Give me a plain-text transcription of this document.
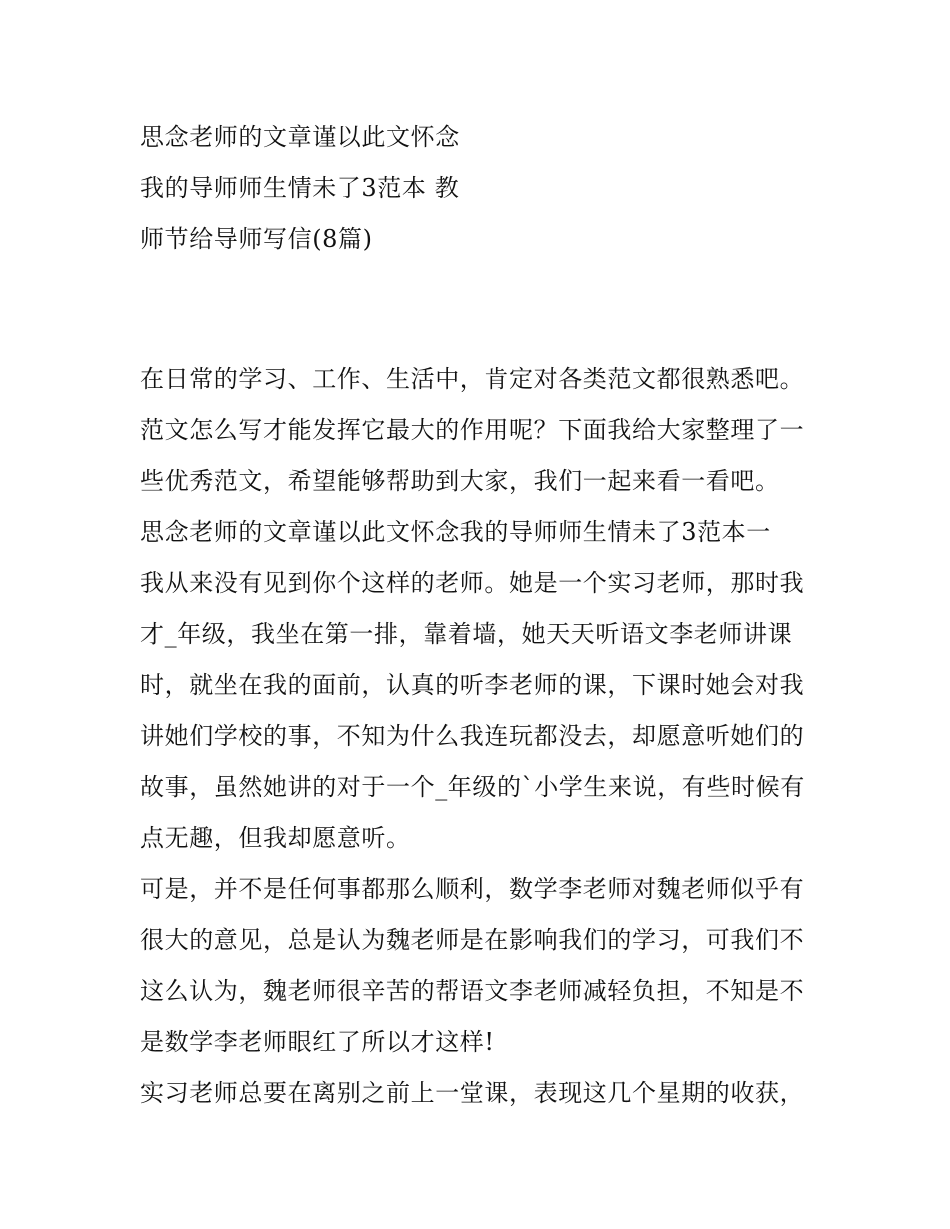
思念老师的文章谨以此文怀念
我的导师师生情未了3范本 教
师节给导师写信(8篇)

在日常的学习、工作、生活中，肯定对各类范文都很熟悉吧。
范文怎么写才能发挥它最大的作用呢？下面我给大家整理了一
些优秀范文，希望能够帮助到大家，我们一起来看一看吧。

思念老师的文章谨以此文怀念我的导师师生情未了3范本一

我从来没有见到你个这样的老师。她是一个实习老师，那时我
才_年级，我坐在第一排，靠着墙，她天天听语文李老师讲课
时，就坐在我的面前，认真的听李老师的课，下课时她会对我
讲她们学校的事，不知为什么我连玩都没去，却愿意听她们的
故事，虽然她讲的对于一个_年级的`小学生来说，有些时候有
点无趣，但我却愿意听。

可是，并不是任何事都那么顺利，数学李老师对魏老师似乎有
很大的意见，总是认为魏老师是在影响我们的学习，可我们不
这么认为，魏老师很辛苦的帮语文李老师减轻负担，不知是不
是数学李老师眼红了所以才这样!

实习老师总要在离别之前上一堂课，表现这几个星期的收获，
